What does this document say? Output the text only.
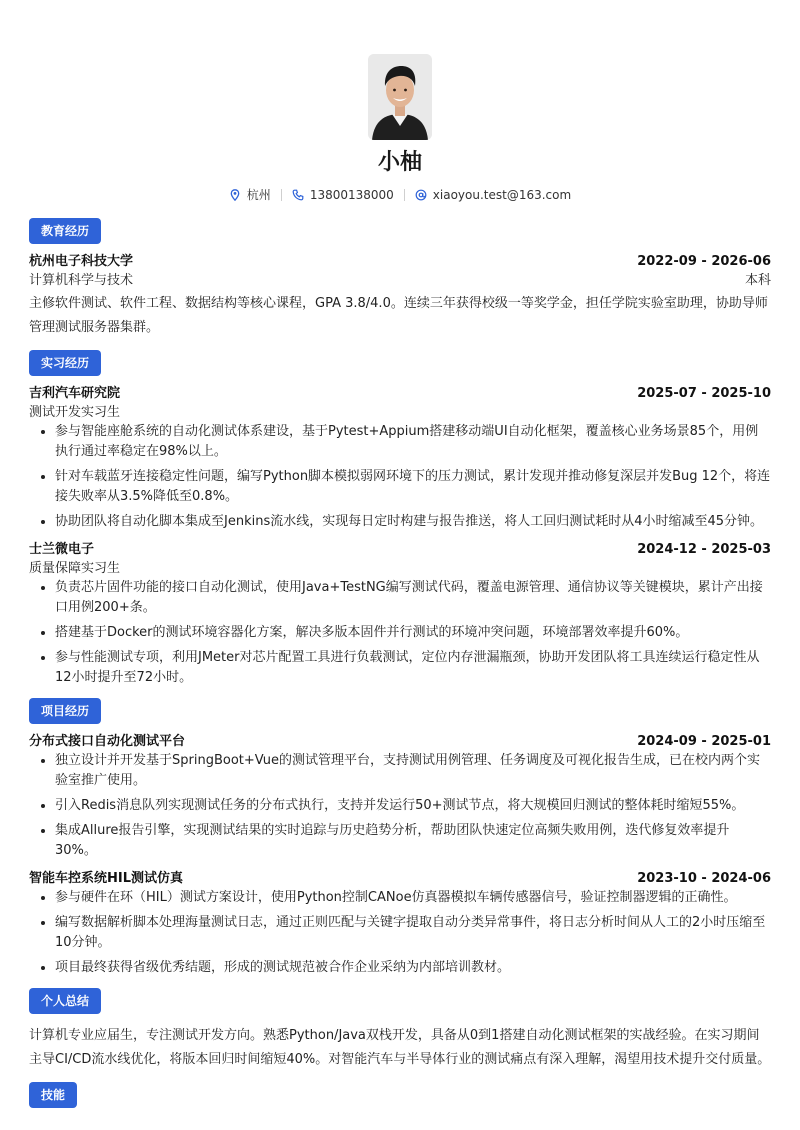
小柚
杭州	13800138000	xiaoyou.test@163.com
教育经历
杭州电子科技大学	2022-09 - 2026-06
计算机科学与技术	本科
主修软件测试、软件工程、数据结构等核心课程，GPA 3.8/4.0。连续三年获得校级一等奖学金，担任学院实验室助理，协助导师管理测试服务器集群。
实习经历
吉利汽车研究院	2025-07 - 2025-10
测试开发实习生
• 参与智能座舱系统的自动化测试体系建设，基于Pytest+Appium搭建移动端UI自动化框架，覆盖核心业务场景85个，用例执行通过率稳定在98%以上。
• 针对车载蓝牙连接稳定性问题，编写Python脚本模拟弱网环境下的压力测试，累计发现并推动修复深层并发Bug 12个，将连接失败率从3.5%降低至0.8%。
• 协助团队将自动化脚本集成至Jenkins流水线，实现每日定时构建与报告推送，将人工回归测试耗时从4小时缩减至45分钟。
士兰微电子	2024-12 - 2025-03
质量保障实习生
• 负责芯片固件功能的接口自动化测试，使用Java+TestNG编写测试代码，覆盖电源管理、通信协议等关键模块，累计产出接口用例200+条。
• 搭建基于Docker的测试环境容器化方案，解决多版本固件并行测试的环境冲突问题，环境部署效率提升60%。
• 参与性能测试专项，利用JMeter对芯片配置工具进行负载测试，定位内存泄漏瓶颈，协助开发团队将工具连续运行稳定性从12小时提升至72小时。
项目经历
分布式接口自动化测试平台	2024-09 - 2025-01
• 独立设计并开发基于SpringBoot+Vue的测试管理平台，支持测试用例管理、任务调度及可视化报告生成，已在校内两个实验室推广使用。
• 引入Redis消息队列实现测试任务的分布式执行，支持并发运行50+测试节点，将大规模回归测试的整体耗时缩短55%。
• 集成Allure报告引擎，实现测试结果的实时追踪与历史趋势分析，帮助团队快速定位高频失败用例，迭代修复效率提升30%。
智能车控系统HIL测试仿真	2023-10 - 2024-06
• 参与硬件在环（HIL）测试方案设计，使用Python控制CANoe仿真器模拟车辆传感器信号，验证控制器逻辑的正确性。
• 编写数据解析脚本处理海量测试日志，通过正则匹配与关键字提取自动分类异常事件，将日志分析时间从人工的2小时压缩至10分钟。
• 项目最终获得省级优秀结题，形成的测试规范被合作企业采纳为内部培训教材。
个人总结
计算机专业应届生，专注测试开发方向。熟悉Python/Java双栈开发，具备从0到1搭建自动化测试框架的实战经验。在实习期间主导CI/CD流水线优化，将版本回归时间缩短40%。对智能汽车与半导体行业的测试痛点有深入理解，渴望用技术提升交付质量。
技能
